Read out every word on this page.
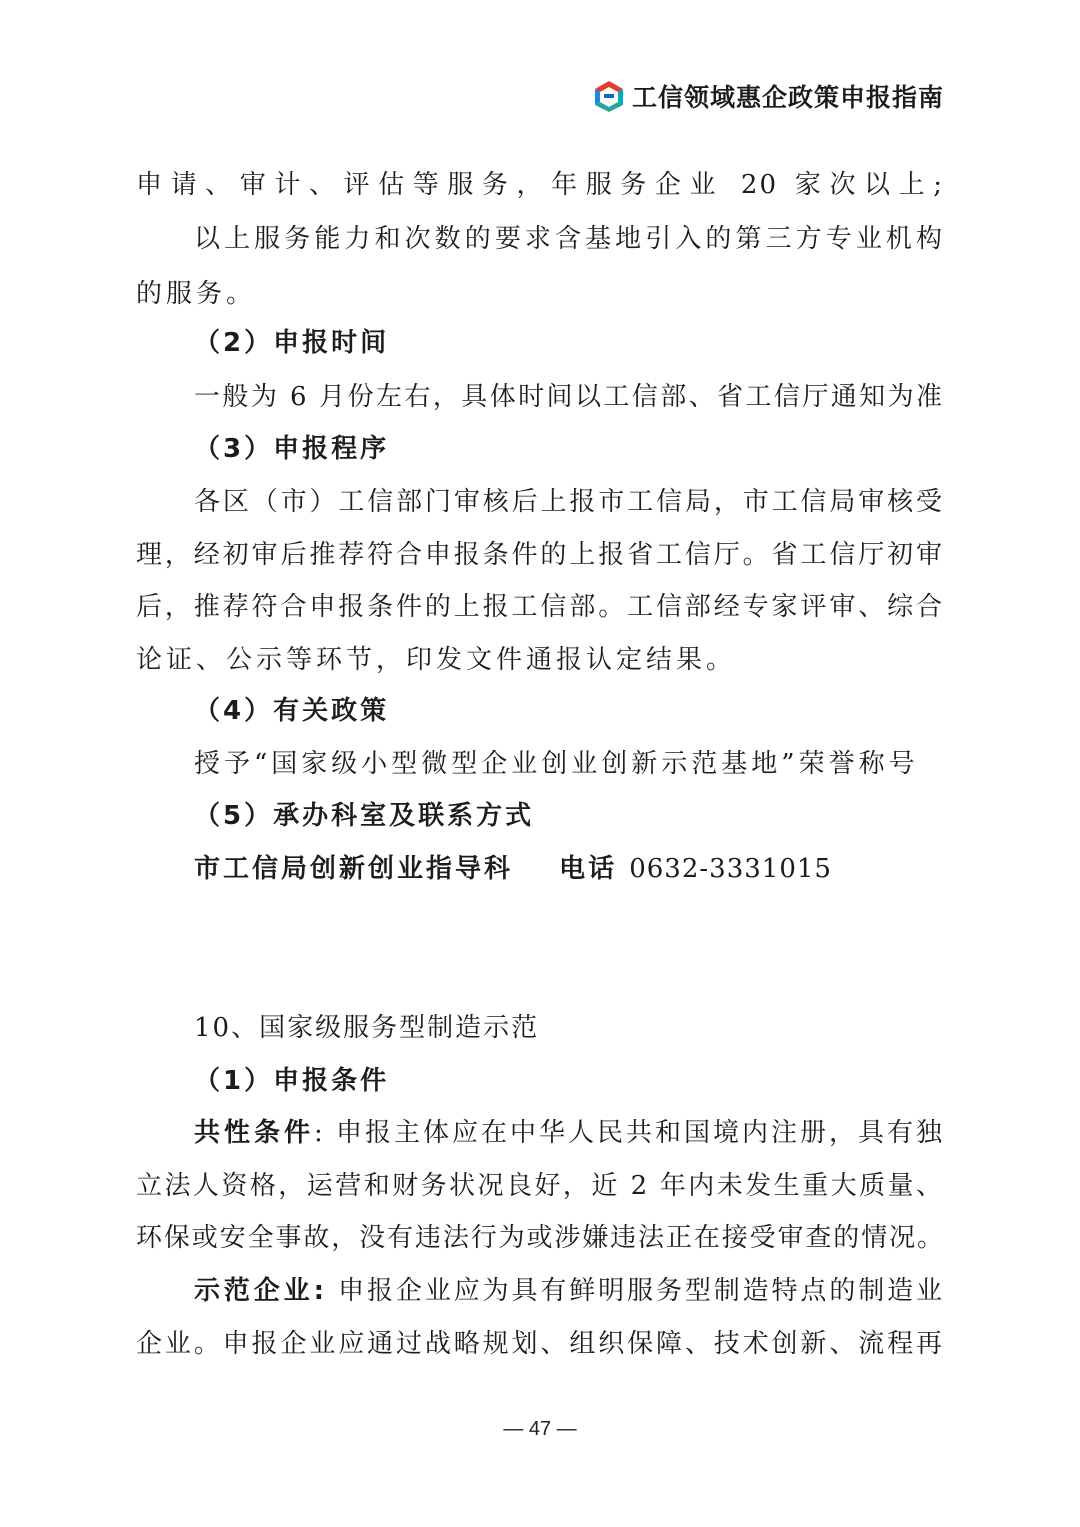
工信领域惠企政策申报指南
申请、审计、评估等服务，年服务企业 20 家次以上;
以上服务能力和次数的要求含基地引入的第三方专业机构
的服务。
（2）申报时间
一般为 6 月份左右，具体时间以工信部、省工信厅通知为准
（3）申报程序
各区（市）工信部门审核后上报市工信局，市工信局审核受
理，经初审后推荐符合申报条件的上报省工信厅。省工信厅初审
后，推荐符合申报条件的上报工信部。工信部经专家评审、综合
论证、公示等环节，印发文件通报认定结果。
（4）有关政策
授予“国家级小型微型企业创业创新示范基地”荣誉称号
（5）承办科室及联系方式
市工信局创新创业指导科 电话 0632-3331015
10、国家级服务型制造示范
（1）申报条件
共性条件: 申报主体应在中华人民共和国境内注册，具有独
立法人资格，运营和财务状况良好，近 2 年内未发生重大质量、
环保或安全事故，没有违法行为或涉嫌违法正在接受审查的情况。
示范企业: 申报企业应为具有鲜明服务型制造特点的制造业
企业。申报企业应通过战略规划、组织保障、技术创新、流程再
— 47 —
